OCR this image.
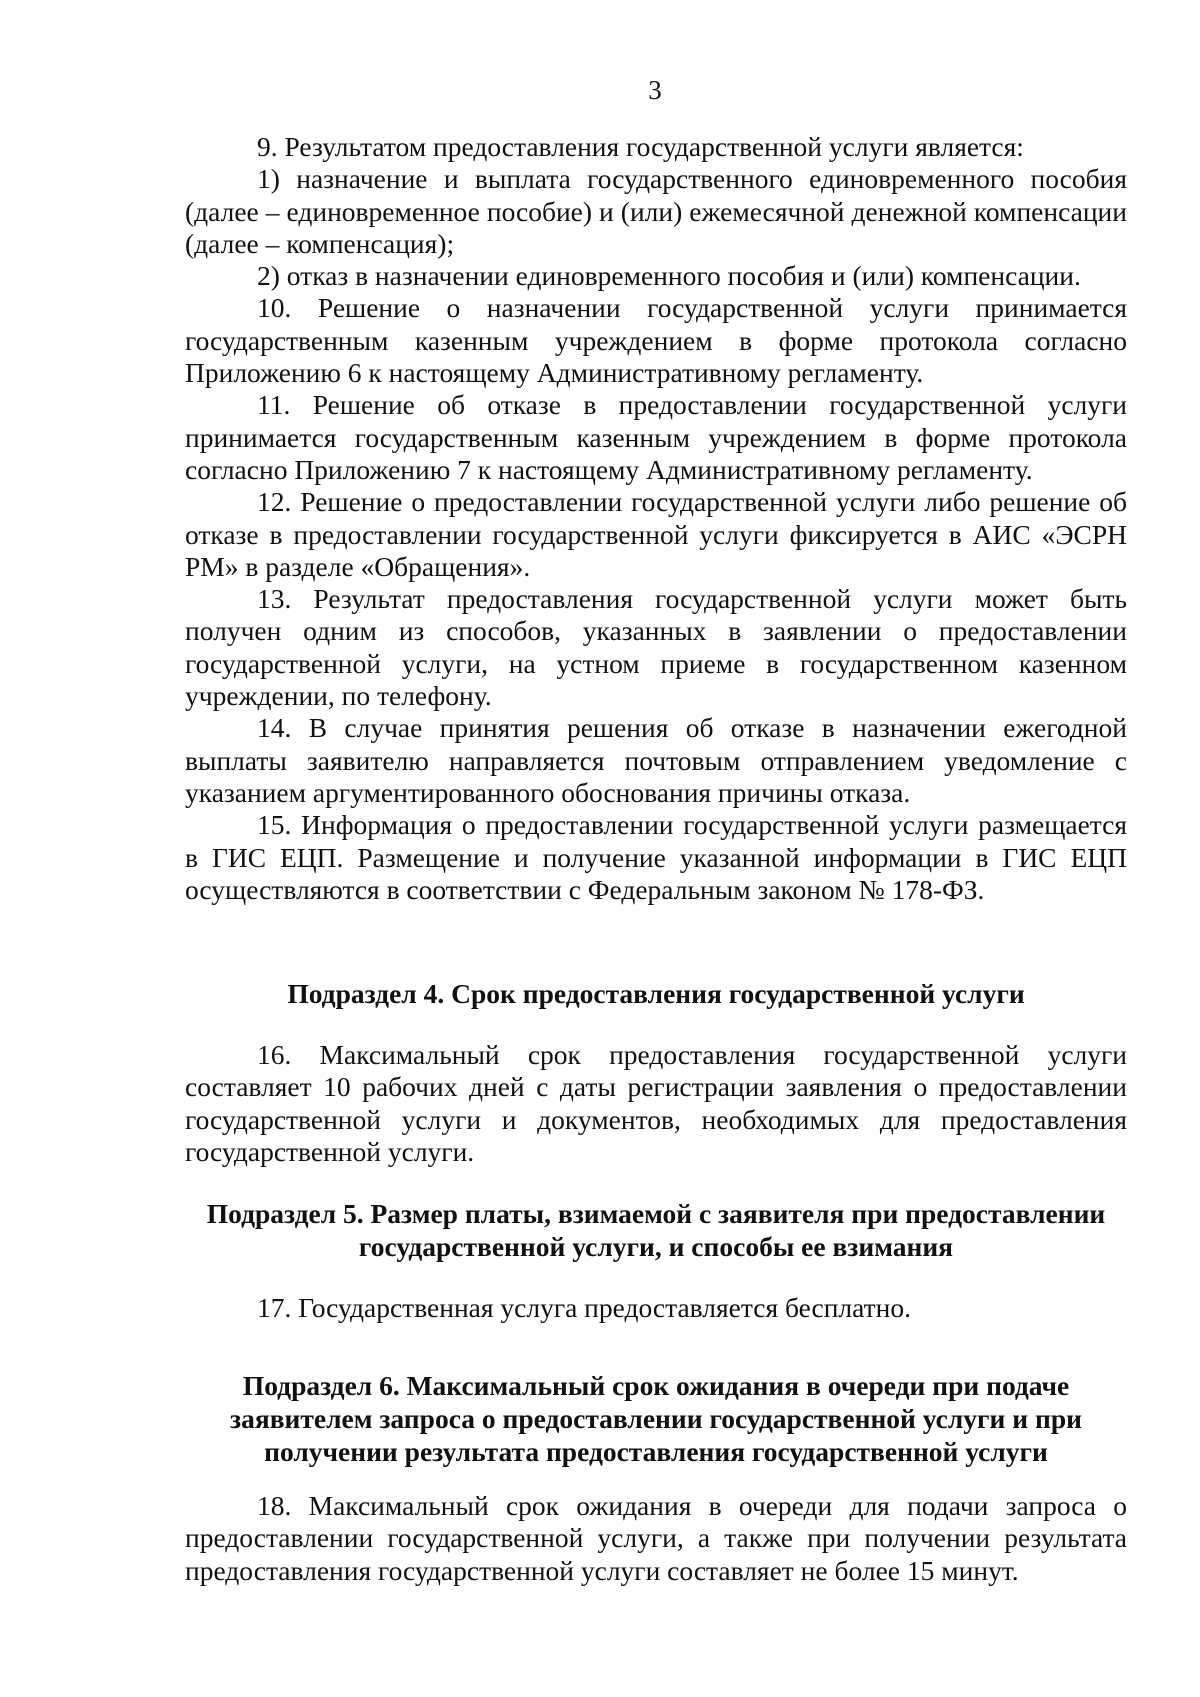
3

9. Результатом предоставления государственной услуги является:

1) назначение и выплата государственного единовременного пособия (далее – единовременное пособие) и (или) ежемесячной денежной компенсации (далее – компенсация);

2) отказ в назначении единовременного пособия и (или) компенсации.

10. Решение о назначении государственной услуги принимается государственным казенным учреждением в форме протокола согласно Приложению 6 к настоящему Административному регламенту.

11. Решение об отказе в предоставлении государственной услуги принимается государственным казенным учреждением в форме протокола согласно Приложению 7 к настоящему Административному регламенту.

12. Решение о предоставлении государственной услуги либо решение об отказе в предоставлении государственной услуги фиксируется в АИС «ЭСРН РМ» в разделе «Обращения».

13. Результат предоставления государственной услуги может быть получен одним из способов, указанных в заявлении о предоставлении государственной услуги, на устном приеме в государственном казенном учреждении, по телефону.

14. В случае принятия решения об отказе в назначении ежегодной выплаты заявителю направляется почтовым отправлением уведомление с указанием аргументированного обоснования причины отказа.

15. Информация о предоставлении государственной услуги размещается в ГИС ЕЦП. Размещение и получение указанной информации в ГИС ЕЦП осуществляются в соответствии с Федеральным законом № 178-ФЗ.

Подраздел 4. Срок предоставления государственной услуги

16. Максимальный срок предоставления государственной услуги составляет 10 рабочих дней с даты регистрации заявления о предоставлении государственной услуги и документов, необходимых для предоставления государственной услуги.

Подраздел 5. Размер платы, взимаемой с заявителя при предоставлении
государственной услуги, и способы ее взимания

17. Государственная услуга предоставляется бесплатно.

Подраздел 6. Максимальный срок ожидания в очереди при подаче
заявителем запроса о предоставлении государственной услуги и при
получении результата предоставления государственной услуги

18. Максимальный срок ожидания в очереди для подачи запроса о предоставлении государственной услуги, а также при получении результата предоставления государственной услуги составляет не более 15 минут.
